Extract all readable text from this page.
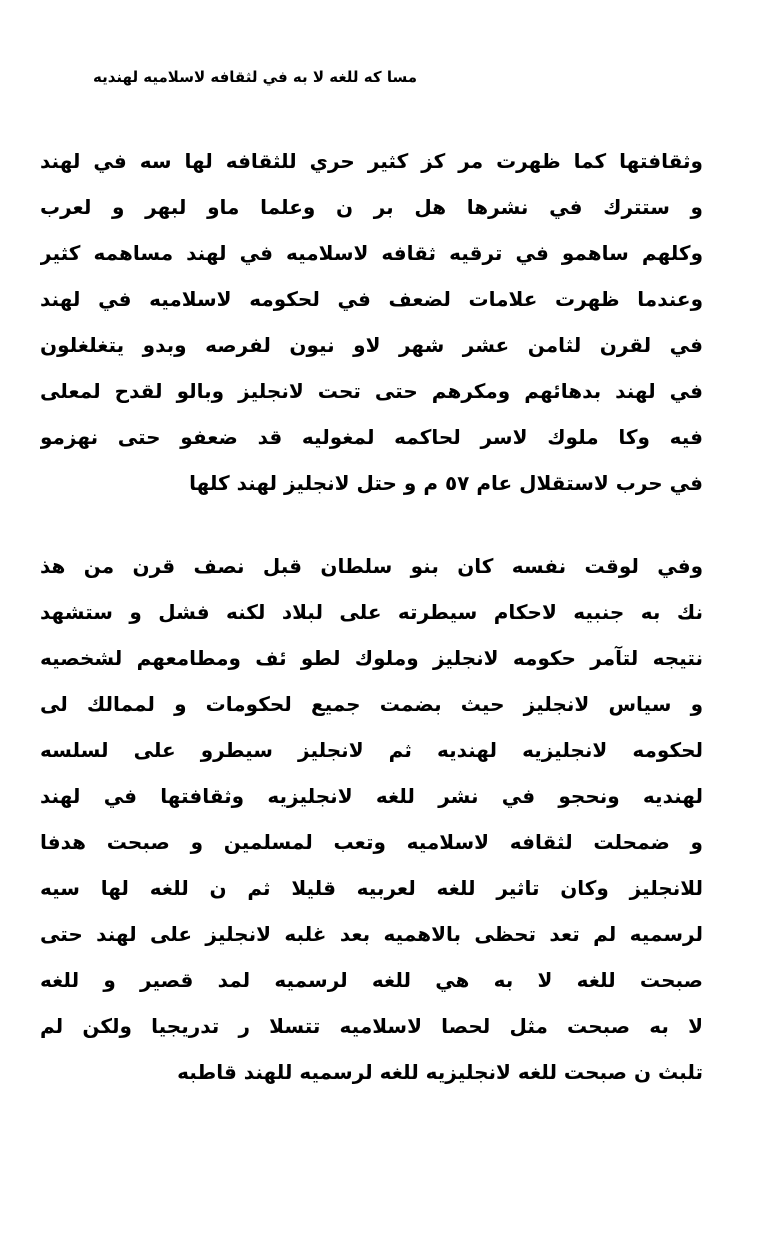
مسا كه للغه لا به في لثقافه لاسلاميه لهنديه
وثقافتها كما ظهرت مر كز كثير حري للثقافه لها سه في لهند
و ستترك في نشرها هل بر ن وعلما ماو لبهر و لعرب
وكلهم ساهمو في ترقيه ثقافه لاسلاميه في لهند مساهمه كثير
وعندما ظهرت علامات لضعف في لحكومه لاسلاميه في لهند
في لقرن لثامن عشر شهر لاو نيون لفرصه وبدو يتغلغلون
في لهند بدهائهم ومكرهم حتى تحت لانجليز وبالو لقدح لمعلى
فيه وكا ملوك لاسر لحاكمه لمغوليه قد ضعفو حتى نهزمو
في حرب لاستقلال عام ٥٧ م و حتل لانجليز لهند كلها
وفي لوقت نفسه كان بنو سلطان قبل نصف قرن من هذ
نك به جنبيه لاحكام سيطرته على لبلاد لكنه فشل و ستشهد
نتيجه لتآمر حكومه لانجليز وملوك لطو ئف ومطامعهم لشخصيه
و سياس لانجليز حيث بضمت جميع لحكومات و لممالك لى
لحكومه لانجليزيه لهنديه ثم لانجليز سيطرو على لسلسه
لهنديه ونحجو في نشر للغه لانجليزيه وثقافتها في لهند
و ضمحلت لثقافه لاسلاميه وتعب لمسلمين و صبحت هدفا
للانجليز وكان تاثير للغه لعربيه قليلا ثم ن للغه لها سيه
لرسميه لم تعد تحظى بالاهميه بعد غلبه لانجليز على لهند حتى
صبحت للغه لا به هي للغه لرسميه لمد قصير و للغه
لا به صبحت مثل لحصا لاسلاميه تتسلا ر تدريجيا ولكن لم
تلبث ن صبحت للغه لانجليزيه للغه لرسميه للهند قاطبه
